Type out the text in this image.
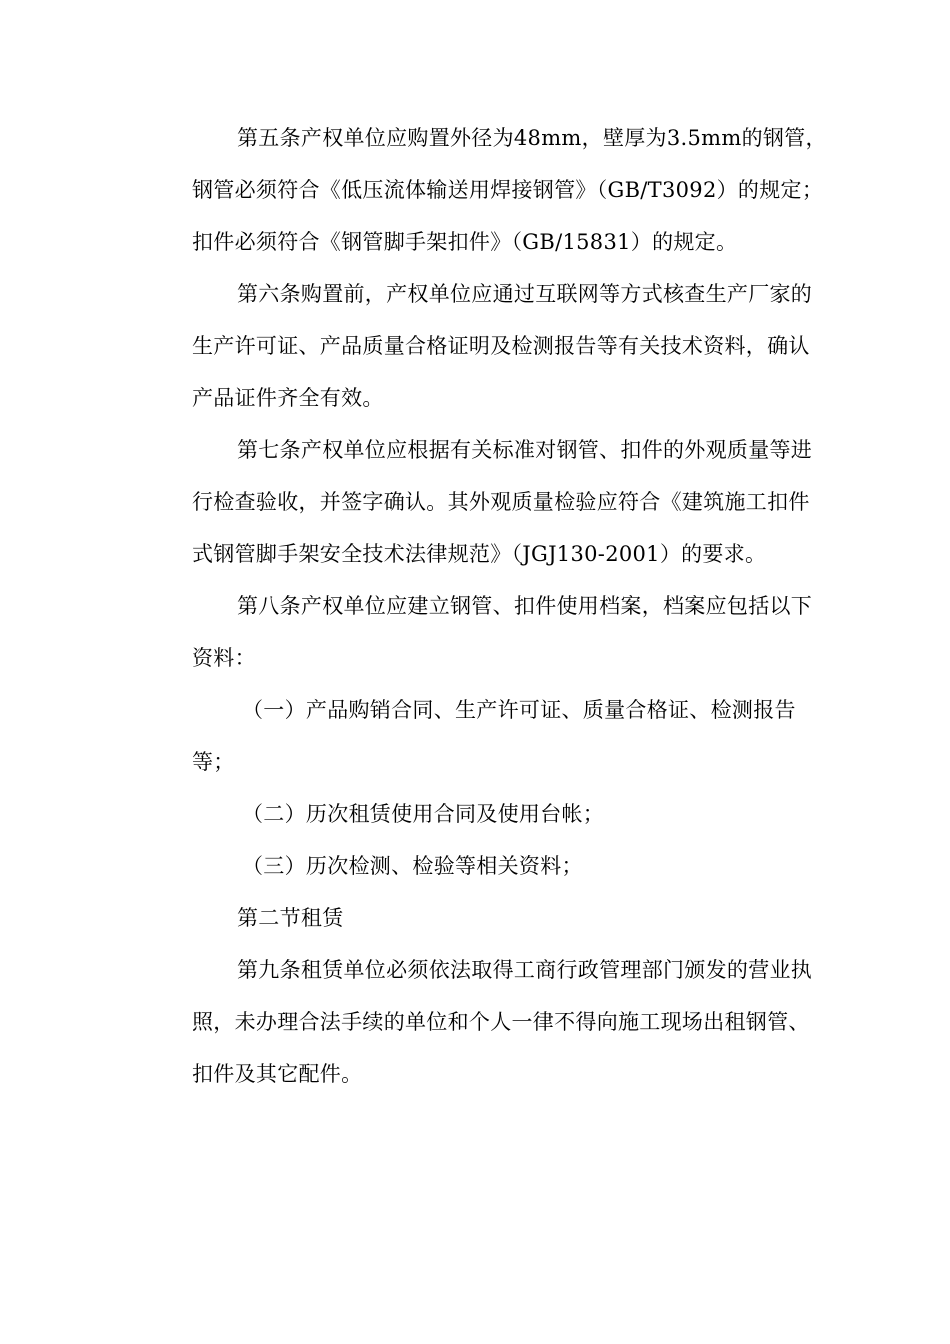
第五条产权单位应购置外径为48mm，壁厚为3.5mm的钢管，
钢管必须符合《低压流体输送用焊接钢管》（GB/T3092）的规定；
扣件必须符合《钢管脚手架扣件》（GB/15831）的规定。
第六条购置前，产权单位应通过互联网等方式核查生产厂家的
生产许可证、产品质量合格证明及检测报告等有关技术资料，确认
产品证件齐全有效。
第七条产权单位应根据有关标准对钢管、扣件的外观质量等进
行检查验收，并签字确认。其外观质量检验应符合《建筑施工扣件
式钢管脚手架安全技术法律规范》（JGJ130-2001）的要求。
第八条产权单位应建立钢管、扣件使用档案，档案应包括以下
资料：
（一）产品购销合同、生产许可证、质量合格证、检测报告
等；
（二）历次租赁使用合同及使用台帐；
（三）历次检测、检验等相关资料；
第二节租赁
第九条租赁单位必须依法取得工商行政管理部门颁发的营业执
照，未办理合法手续的单位和个人一律不得向施工现场出租钢管、
扣件及其它配件。
